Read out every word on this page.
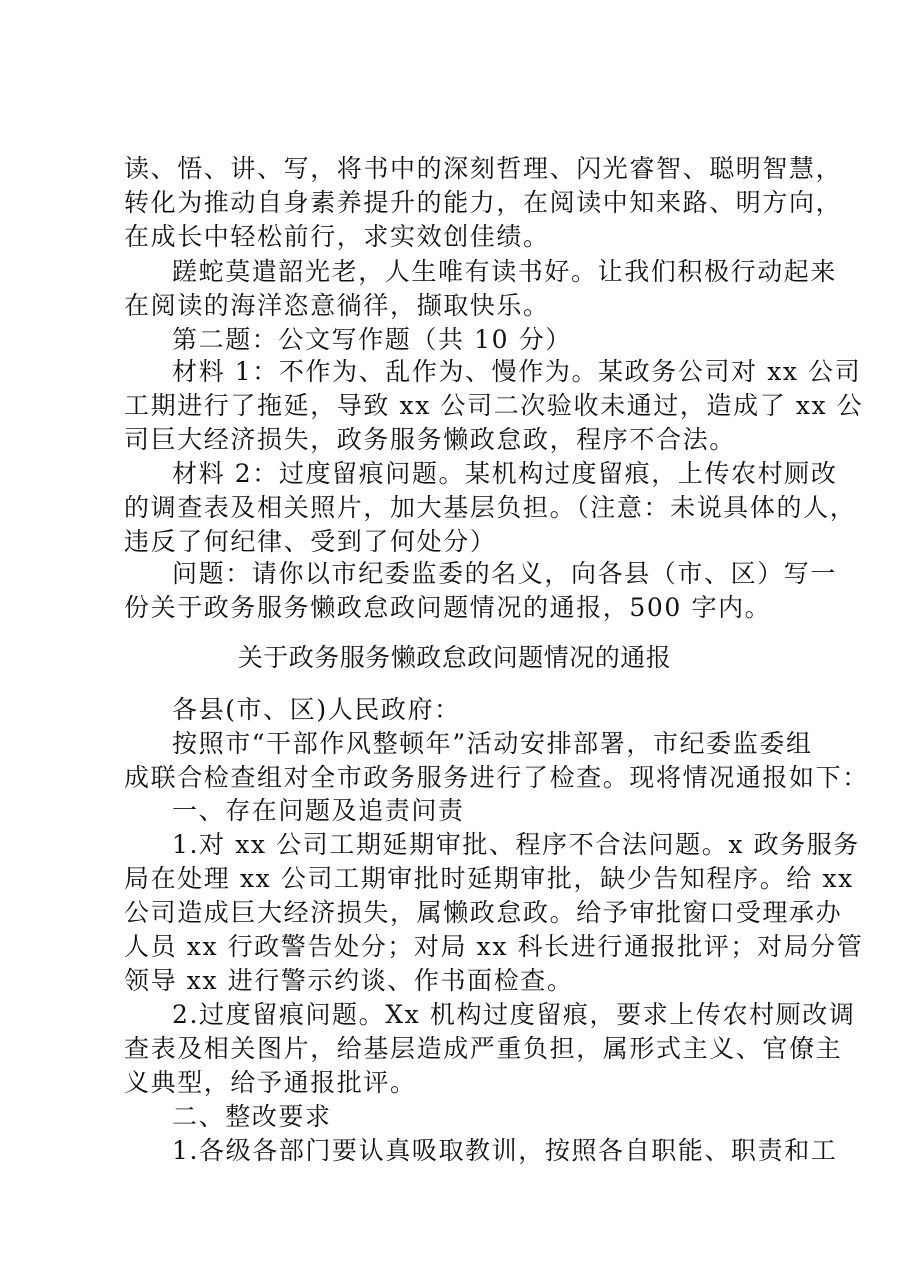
读、悟、讲、写，将书中的深刻哲理、闪光睿智、聪明智慧，
转化为推动自身素养提升的能力，在阅读中知来路、明方向，
在成长中轻松前行，求实效创佳绩。
蹉蛇莫遣韶光老，人生唯有读书好。让我们积极行动起来
在阅读的海洋恣意徜徉，撷取快乐。
第二题：公文写作题（共 10 分）
材料 1：不作为、乱作为、慢作为。某政务公司对 xx 公司
工期进行了拖延，导致 xx 公司二次验收未通过，造成了 xx 公
司巨大经济损失，政务服务懒政怠政，程序不合法。
材料 2：过度留痕问题。某机构过度留痕，上传农村厕改
的调查表及相关照片，加大基层负担。（注意：未说具体的人，
违反了何纪律、受到了何处分）
问题：请你以市纪委监委的名义，向各县（市、区）写一
份关于政务服务懒政怠政问题情况的通报，500 字内。
关于政务服务懒政怠政问题情况的通报
各县(市、区)人民政府：
按照市“干部作风整顿年”活动安排部署，市纪委监委组
成联合检查组对全市政务服务进行了检查。现将情况通报如下：
一、存在问题及追责问责
1.对 xx 公司工期延期审批、程序不合法问题。x 政务服务
局在处理 xx 公司工期审批时延期审批，缺少告知程序。给 xx
公司造成巨大经济损失，属懒政怠政。给予审批窗口受理承办
人员 xx 行政警告处分；对局 xx 科长进行通报批评；对局分管
领导 xx 进行警示约谈、作书面检查。
2.过度留痕问题。Xx 机构过度留痕，要求上传农村厕改调
查表及相关图片，给基层造成严重负担，属形式主义、官僚主
义典型，给予通报批评。
二、整改要求
1.各级各部门要认真吸取教训，按照各自职能、职责和工
